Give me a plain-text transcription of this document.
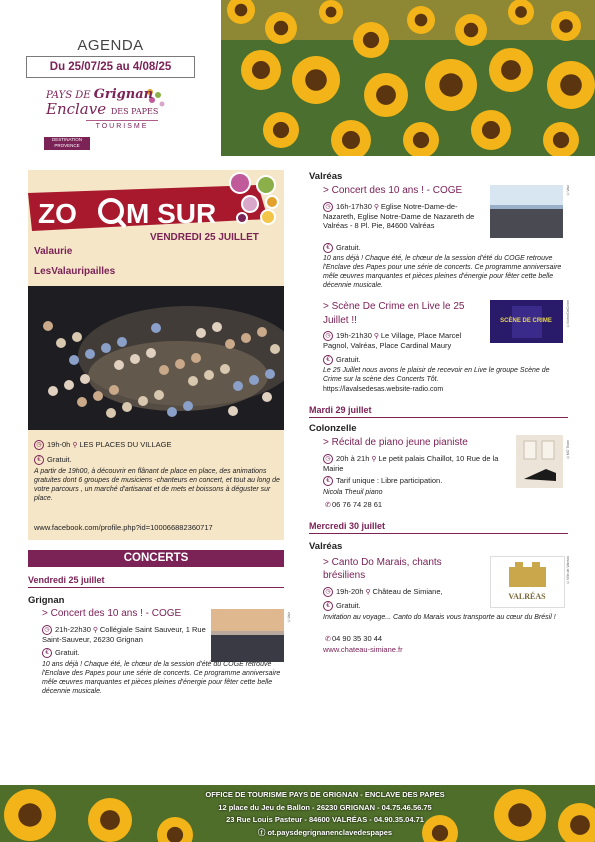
AGENDA
Du 25/07/25 au 4/08/25
PAYS DE Grignan
Enclave DES PAPES
TOURISME
DESTINATION PROVENCE
ZO M SUR
VENDREDI 25 JUILLET
Valaurie
LesValauripailles
◷ 19h-0h ⚲ LES PLACES DU VILLAGE
€ Gratuit.
A partir de 19h00, à découvrir en flânant de place en place, des animations gratuites dont 6 groupes de musiciens -chanteurs en concert, et tout au long de votre parcours , un marché d'artisanat et de mets et boissons à déguster sur place.
www.facebook.com/profile.php?id=100066882360717
CONCERTS
Vendredi 25 juillet
Grignan
> Concert des 10 ans ! - COGE	©Valz
◷ 21h-22h30 ⚲ Collégiale Saint Sauveur, 1 Rue Saint-Sauveur, 26230 Grignan
€ Gratuit.
10 ans déjà ! Chaque été, le chœur de la session d'été du COGE retrouve l'Enclave des Papes pour une série de concerts. Ce programme anniversaire mêle œuvres marquantes et pièces pleines d'énergie pour fêter cette belle décennie musicale.
Valréas
> Concert des 10 ans ! - COGE	©Valz
◷ 16h-17h30 ⚲ Eglise Notre-Dame-de-Nazareth, Eglise Notre-Dame de Nazareth de Valréas - 8 Pl. Pie, 84600 Valréas
€ Gratuit.
10 ans déjà ! Chaque été, le chœur de la session d'été du COGE retrouve l'Enclave des Papes pour une série de concerts. Ce programme anniversaire mêle œuvres marquantes et pièces pleines d'énergie pour fêter cette belle décennie musicale.
> Scène De Crime en Live le 25 Juillet !!	SCÈNE DE CRIME	©ScèneDeCrime
◷ 19h-21h30 ⚲ Le Village, Place Marcel Pagnol, Valréas, Place Cardinal Maury
€ Gratuit.
Le 25 Juillet nous avons le plaisir de recevoir en Live le groupe Scène de Crime sur la scène des Concerts Tôt.
https://lavalsedesas.website-radio.com
Mardi 29 juillet
Colonzelle
> Récital de piano jeune pianiste	©MO Team
◷ 20h à 21h ⚲ Le petit palais Chaillot, 10 Rue de la Mairie
€ Tarif unique : Libre participation.
Nicola Theuil piano
✆06 76 74 28 61
Mercredi 30 juillet
Valréas
> Canto Do Marais, chants brésiliens
VALRÉAS
©Ville de Valréas
◷ 19h-20h ⚲ Château de Simiane,
€ Gratuit.
Invitation au voyage... Canto do Marais vous transporte au cœur du Brésil !
✆04 90 35 30 44
www.chateau-simiane.fr
OFFICE DE TOURISME PAYS DE GRIGNAN - ENCLAVE DES PAPES
12 place du Jeu de Ballon - 26230 GRIGNAN - 04.75.46.56.75
23 Rue Louis Pasteur - 84600 VALRÉAS - 04.90.35.04.71
ⓕ ot.paysdegrignanenclavedespapes
